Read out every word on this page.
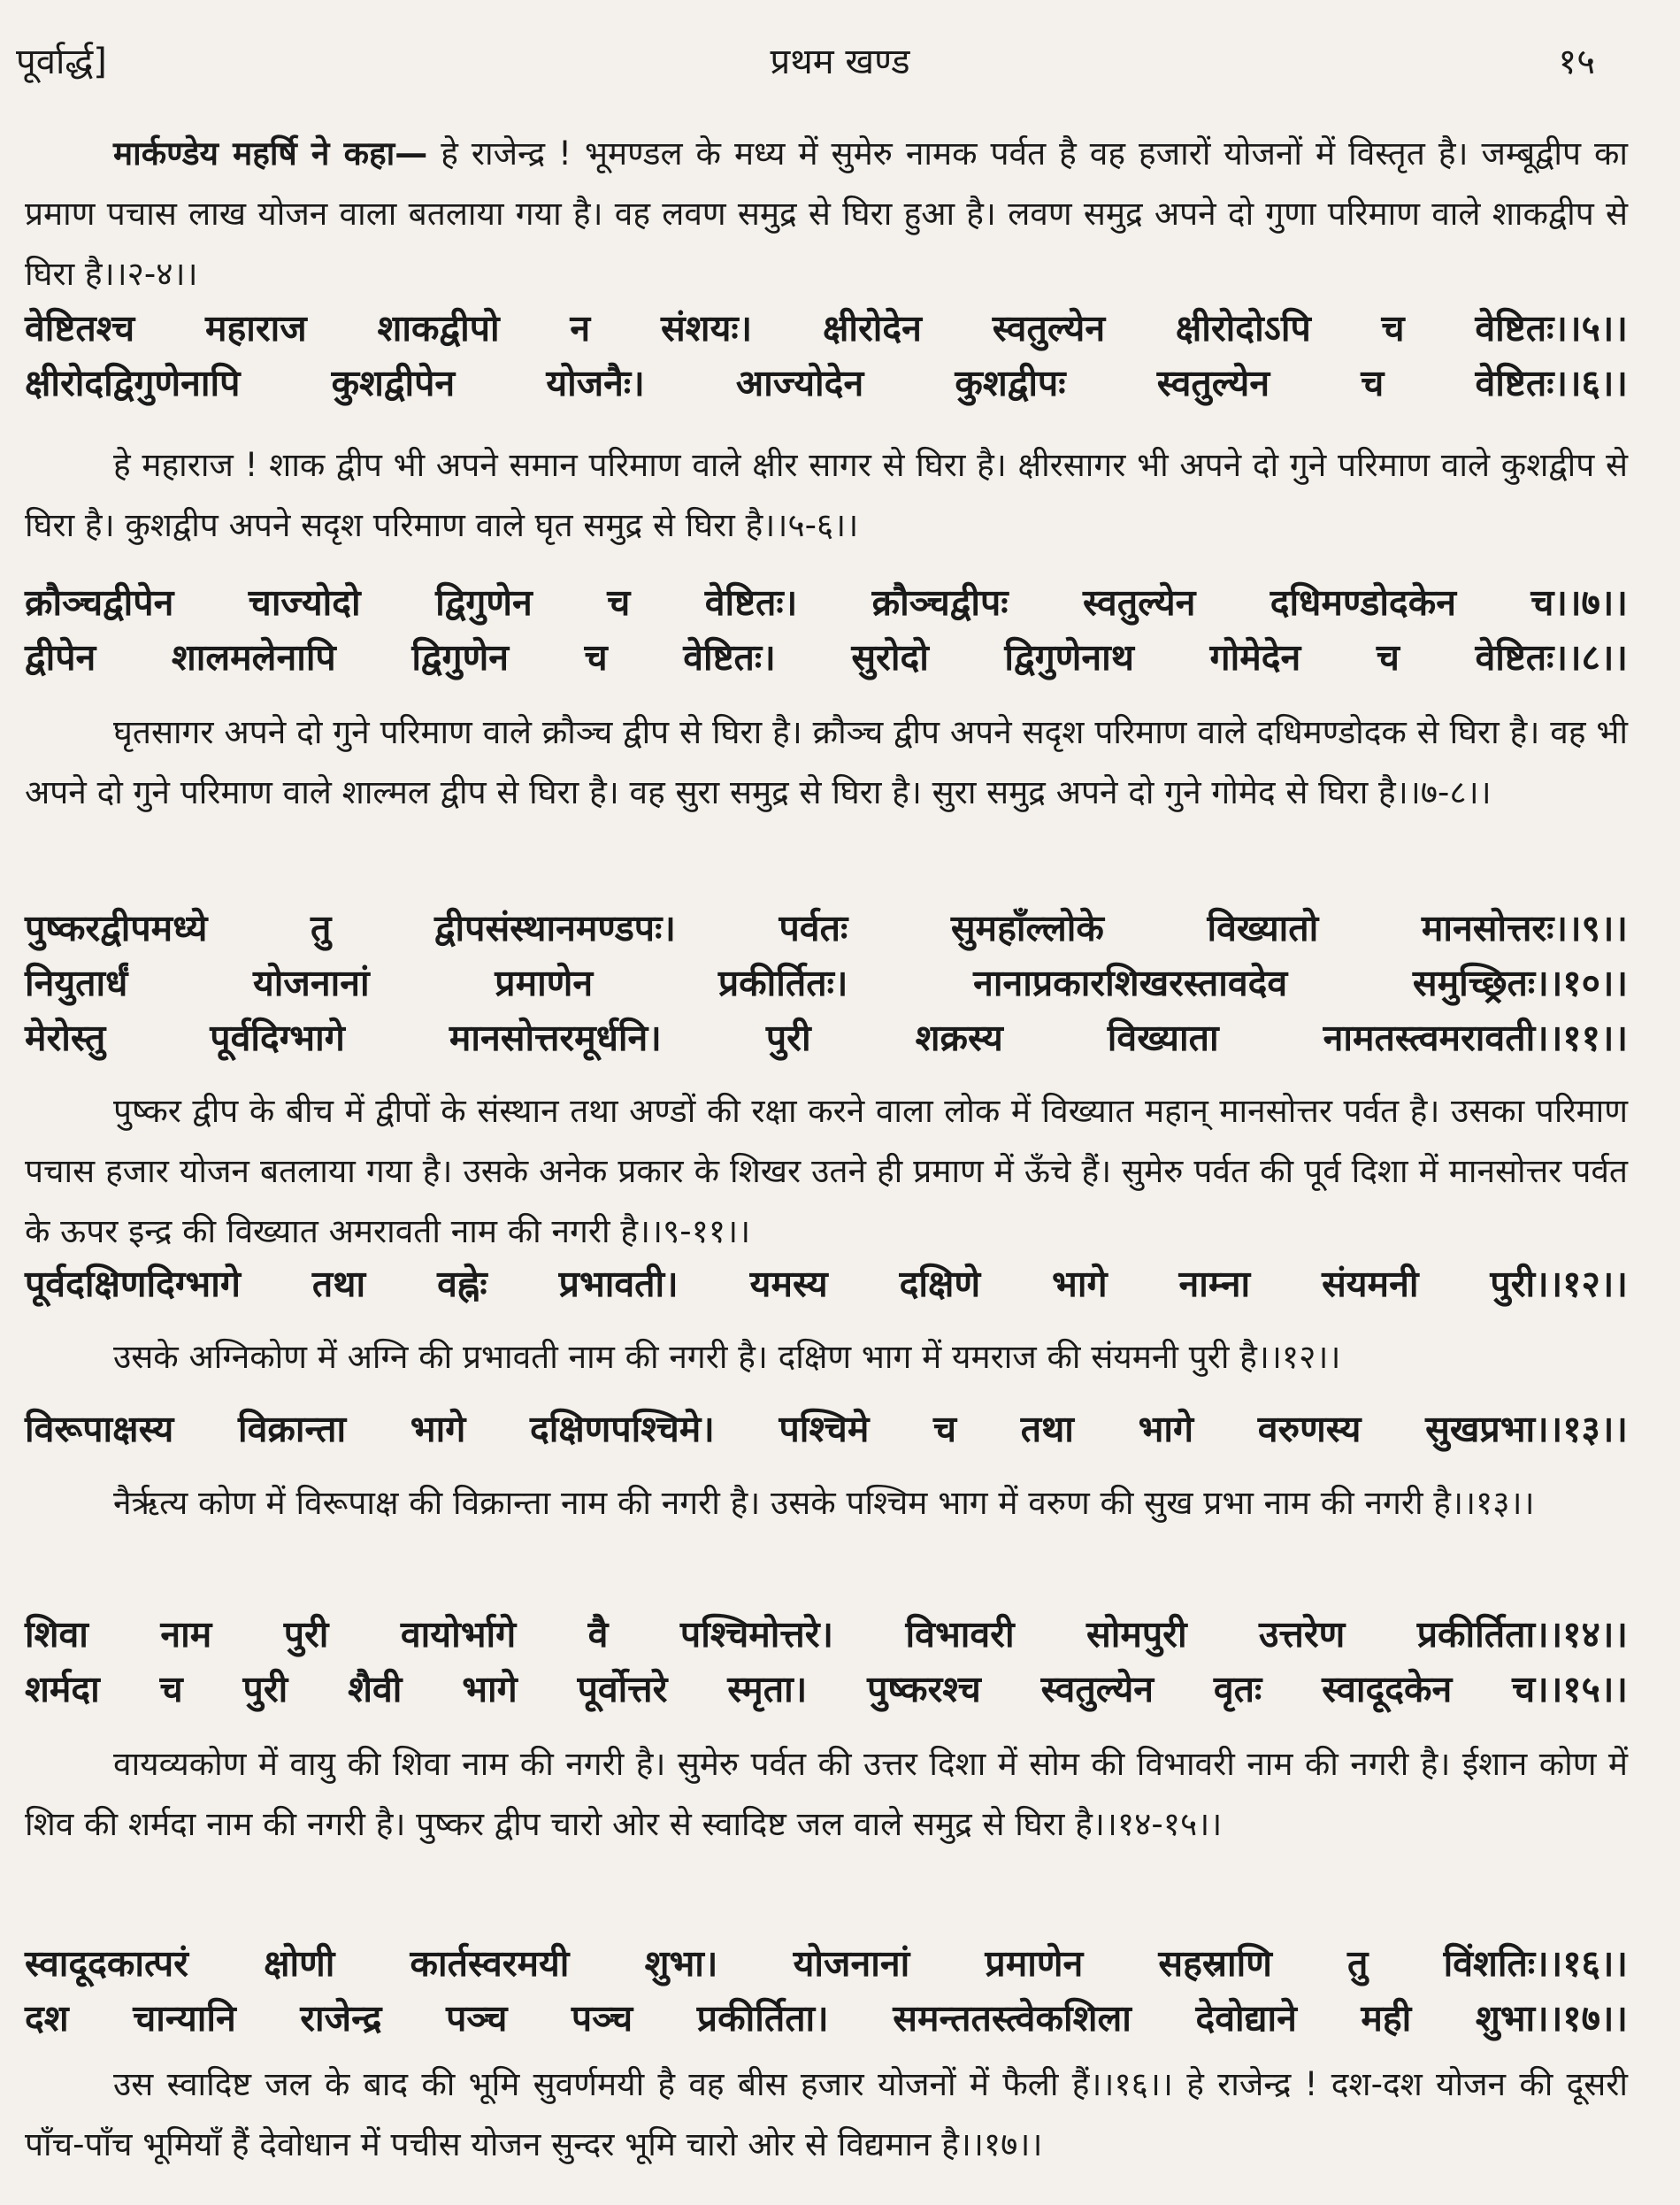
पूर्वार्द्ध]	प्रथम खण्ड	१५

मार्कण्डेय महर्षि ने कहा— हे राजेन्द्र ! भूमण्डल के मध्य में सुमेरु नामक पर्वत है वह हजारों योजनों में विस्तृत है। जम्बूद्वीप का प्रमाण पचास लाख योजन वाला बतलाया गया है। वह लवण समुद्र से घिरा हुआ है। लवण समुद्र अपने दो गुणा परिमाण वाले शाकद्वीप से घिरा है।।२-४।।

वेष्टितश्च महाराज शाकद्वीपो न संशयः। क्षीरोदेन स्वतुल्येन क्षीरोदोऽपि च वेष्टितः।।५।।
क्षीरोदद्विगुणेनापि	कुशद्वीपेन	योजनैः।	आज्योदेन	कुशद्वीपः	स्वतुल्येन	च	वेष्टितः।।६।।

हे महाराज ! शाक द्वीप भी अपने समान परिमाण वाले क्षीर सागर से घिरा है। क्षीरसागर भी अपने दो गुने परिमाण वाले कुशद्वीप से घिरा है। कुशद्वीप अपने सदृश परिमाण वाले घृत समुद्र से घिरा है।।५-६।।

क्रौञ्चद्वीपेन चाज्योदो द्विगुणेन च वेष्टितः। क्रौञ्चद्वीपः स्वतुल्येन दधिमण्डोदकेन च।।७।।
द्वीपेन शालमलेनापि द्विगुणेन च वेष्टितः। सुरोदो द्विगुणेनाथ गोमेदेन च वेष्टितः।।८।।

घृतसागर अपने दो गुने परिमाण वाले क्रौञ्च द्वीप से घिरा है। क्रौञ्च द्वीप अपने सदृश परिमाण वाले दधिमण्डोदक से घिरा है। वह भी अपने दो गुने परिमाण वाले शाल्मल द्वीप से घिरा है। वह सुरा समुद्र से घिरा है। सुरा समुद्र अपने दो गुने गोमेद से घिरा है।।७-८।।

पुष्करद्वीपमध्ये	तु	द्वीपसंस्थानमण्डपः।	पर्वतः	सुमहाँल्लोके	विख्यातो	मानसोत्तरः।।९।।
नियुतार्धं	योजनानां	प्रमाणेन	प्रकीर्तितः।	नानाप्रकारशिखरस्तावदेव	समुच्छ्रितः।।१०।।
मेरोस्तु	पूर्वदिग्भागे	मानसोत्तरमूर्धनि।	पुरी	शक्रस्य	विख्याता	नामतस्त्वमरावती।।११।।

पुष्कर द्वीप के बीच में द्वीपों के संस्थान तथा अण्डों की रक्षा करने वाला लोक में विख्यात महान् मानसोत्तर पर्वत है। उसका परिमाण पचास हजार योजन बतलाया गया है। उसके अनेक प्रकार के शिखर उतने ही प्रमाण में ऊँचे हैं। सुमेरु पर्वत की पूर्व दिशा में मानसोत्तर पर्वत के ऊपर इन्द्र की विख्यात अमरावती नाम की नगरी है।।९-११।।

पूर्वदक्षिणदिग्भागे तथा वह्नेः प्रभावती। यमस्य दक्षिणे भागे नाम्ना संयमनी पुरी।।१२।।

उसके अग्निकोण में अग्नि की प्रभावती नाम की नगरी है। दक्षिण भाग में यमराज की संयमनी पुरी है।।१२।।

विरूपाक्षस्य विक्रान्ता भागे दक्षिणपश्चिमे। पश्चिमे च तथा भागे वरुणस्य सुखप्रभा।।१३।।

नैर्ऋत्य कोण में विरूपाक्ष की विक्रान्ता नाम की नगरी है। उसके पश्चिम भाग में वरुण की सुख प्रभा नाम की नगरी है।।१३।।

शिवा नाम पुरी वायोर्भागे वै पश्चिमोत्तरे। विभावरी सोमपुरी उत्तरेण प्रकीर्तिता।।१४।।
शर्मदा च पुरी शैवी भागे पूर्वोत्तरे स्मृता। पुष्करश्च स्वतुल्येन वृतः स्वादूदकेन च।।१५।।

वायव्यकोण में वायु की शिवा नाम की नगरी है। सुमेरु पर्वत की उत्तर दिशा में सोम की विभावरी नाम की नगरी है। ईशान कोण में शिव की शर्मदा नाम की नगरी है। पुष्कर द्वीप चारो ओर से स्वादिष्ट जल वाले समुद्र से घिरा है।।१४-१५।।

स्वादूदकात्परं क्षोणी कार्तस्वरमयी शुभा। योजनानां प्रमाणेन सहस्राणि तु विंशतिः।।१६।।
दश चान्यानि राजेन्द्र पञ्च पञ्च प्रकीर्तिता। समन्ततस्त्वेकशिला देवोद्याने मही शुभा।।१७।।

उस स्वादिष्ट जल के बाद की भूमि सुवर्णमयी है वह बीस हजार योजनों में फैली हैं।।१६।। हे राजेन्द्र ! दश-दश योजन की दूसरी पाँच-पाँच भूमियाँ हैं देवोधान में पचीस योजन सुन्दर भूमि चारो ओर से विद्यमान है।।१७।।
